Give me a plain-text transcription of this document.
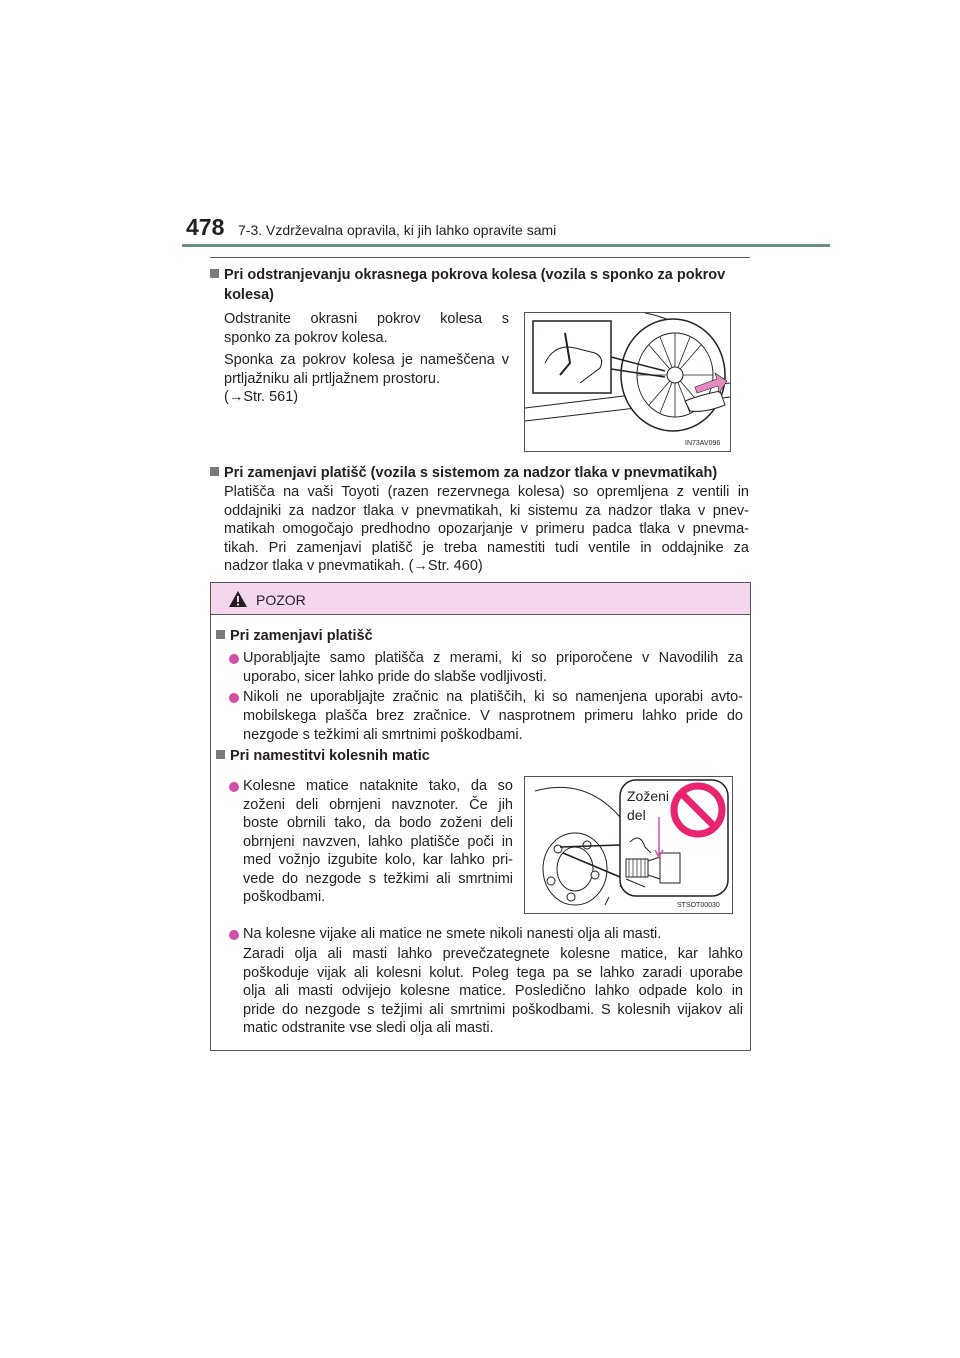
478 7-3. Vzdrževalna opravila, ki jih lahko opravite sami
Pri odstranjevanju okrasnega pokrova kolesa (vozila s sponko za pokrov
kolesa)
Odstranite okrasni pokrov kolesa s
sponko za pokrov kolesa.
Sponka za pokrov kolesa je nameščena v
prtljažniku ali prtljažnem prostoru.
(→Str. 561)
IN73AV096
Pri zamenjavi platišč (vozila s sistemom za nadzor tlaka v pnevmatikah)
Platišča na vaši Toyoti (razen rezervnega kolesa) so opremljena z ventili in
oddajniki za nadzor tlaka v pnevmatikah, ki sistemu za nadzor tlaka v pnev-
matikah omogočajo predhodno opozarjanje v primeru padca tlaka v pnevma-
tikah. Pri zamenjavi platišč je treba namestiti tudi ventile in oddajnike za
nadzor tlaka v pnevmatikah. (→Str. 460)
POZOR
Pri zamenjavi platišč
Uporabljajte samo platišča z merami, ki so priporočene v Navodilih za
uporabo, sicer lahko pride do slabše vodljivosti.
Nikoli ne uporabljajte zračnic na platiščih, ki so namenjena uporabi avto-
mobilskega plašča brez zračnice. V nasprotnem primeru lahko pride do
nezgode s težkimi ali smrtnimi poškodbami.
Pri namestitvi kolesnih matic
Kolesne matice nataknite tako, da so
zoženi deli obrnjeni navznoter. Če jih
boste obrnili tako, da bodo zoženi deli
obrnjeni navzven, lahko platišče poči in
med vožnjo izgubite kolo, kar lahko pri-
vede do nezgode s težkimi ali smrtnimi
poškodbami.
Zoženi
del
STSOT00030
Na kolesne vijake ali matice ne smete nikoli nanesti olja ali masti.
Zaradi olja ali masti lahko prevečzategnete kolesne matice, kar lahko
poškoduje vijak ali kolesni kolut. Poleg tega pa se lahko zaradi uporabe
olja ali masti odvijejo kolesne matice. Posledično lahko odpade kolo in
pride do nezgode s težjimi ali smrtnimi poškodbami. S kolesnih vijakov ali
matic odstranite vse sledi olja ali masti.
